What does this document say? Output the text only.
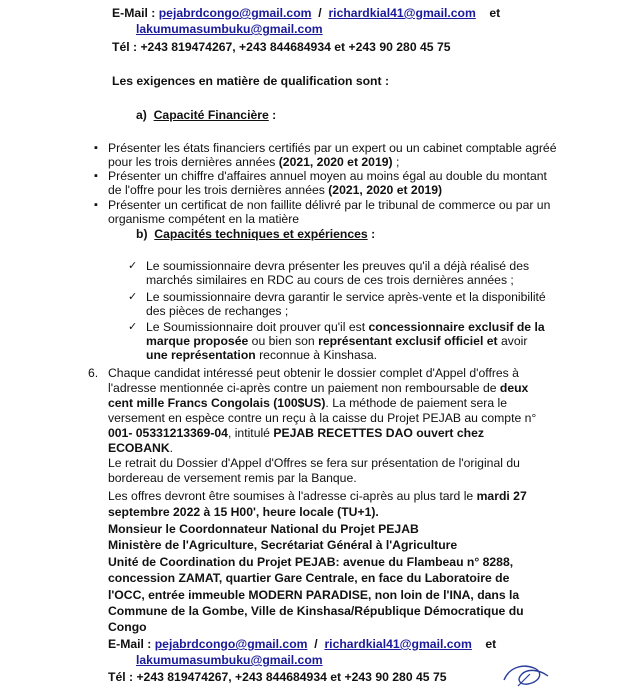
E-Mail : pejabrdcongo@gmail.com / richardkial41@gmail.com et
lakumumasumbuku@gmail.com
Tél : +243 819474267, +243 844684934 et +243 90 280 45 75
Les exigences en matière de qualification sont :
a) Capacité Financière :
▪ Présenter les états financiers certifiés par un expert ou un cabinet comptable agréé
pour les trois dernières années (2021, 2020 et 2019) ;
▪ Présenter un chiffre d'affaires annuel moyen au moins égal au double du montant
de l'offre pour les trois dernières années (2021, 2020 et 2019)
▪ Présenter un certificat de non faillite délivré par le tribunal de commerce ou par un
organisme compétent en la matière
b) Capacités techniques et expériences :
✓ Le soumissionnaire devra présenter les preuves qu'il a déjà réalisé des
marchés similaires en RDC au cours de ces trois dernières années ;
✓ Le soumissionnaire devra garantir le service après-vente et la disponibilité
des pièces de rechanges ;
✓ Le Soumissionnaire doit prouver qu'il est concessionnaire exclusif de la
marque proposée ou bien son représentant exclusif officiel et avoir
une représentation reconnue à Kinshasa.
6. Chaque candidat intéressé peut obtenir le dossier complet d'Appel d'offres à
l'adresse mentionnée ci-après contre un paiement non remboursable de deux
cent mille Francs Congolais (100$US). La méthode de paiement sera le
versement en espèce contre un reçu à la caisse du Projet PEJAB au compte n°
001- 05331213369-04, intitulé PEJAB RECETTES DAO ouvert chez
ECOBANK.
Le retrait du Dossier d'Appel d'Offres se fera sur présentation de l'original du
bordereau de versement remis par la Banque.
Les offres devront être soumises à l'adresse ci-après au plus tard le mardi 27
septembre 2022 à 15 H00', heure locale (TU+1).
Monsieur le Coordonnateur National du Projet PEJAB
Ministère de l'Agriculture, Secrétariat Général à l'Agriculture
Unité de Coordination du Projet PEJAB: avenue du Flambeau n° 8288,
concession ZAMAT, quartier Gare Centrale, en face du Laboratoire de
l'OCC, entrée immeuble MODERN PARADISE, non loin de l'INA, dans la
Commune de la Gombe, Ville de Kinshasa/République Démocratique du
Congo
E-Mail : pejabrdcongo@gmail.com / richardkial41@gmail.com et
lakumumasumbuku@gmail.com
Tél : +243 819474267, +243 844684934 et +243 90 280 45 75
